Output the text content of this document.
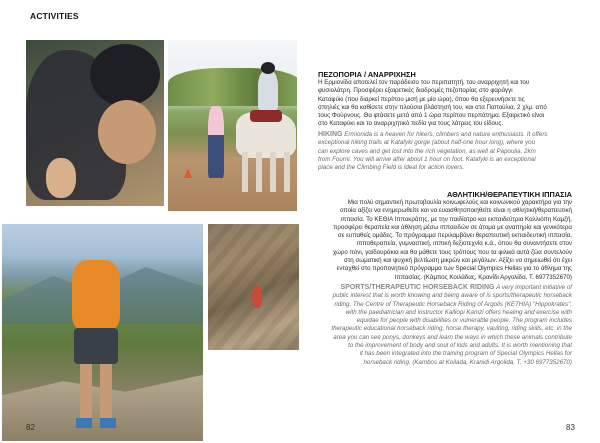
ACTIVITIES
ΠΕΖΟΠΟΡΙΑ / ΑΝΑΡΡΙΧΗΣΗ
Η Ερμιονίδα αποτελεί τον παράδεισο του περιπατητή, του αναρριχητή και του
φυσιολάτρη. Προσφέρει εξαιρετικές διαδρομές πεζοπορίας στο φαράγγι
Καταφύκι (που διαρκεί περίπου μισή με μία ώρα), όπου θα εξερευνήσετε τις
σπηλιές και θα καθίσετε στην πλούσια βλάστησή του, και στα Παπούλια, 2 χλμ. από
τους Φούρνους. Θα φτάσετε μετά από 1 ώρα περίπου περπάτημα. Εξαιρετικό είναι
στο Καταφύκι και το αναρριχητικό πεδίο για τους λάτρεις του είδους.
HIKING Ermionida is a heaven for hikers, climbers and nature enthusiasts. It offers
exceptional hiking trails at Katafyki gorge (about half-one hour long), where you
can explore caves and get lost into the rich vegetation, as well at Papoulia, 2km
from Fourni. You will arrive after about 1 hour on foot. Katafyki is an exceptional
place and the Climbing Field is ideal for action lovers.
ΑΘΛΗΤΙΚΗ/ΘΕΡΑΠΕΥΤΙΚΗ ΙΠΠΑΣΙΑ
Μια πολύ σημαντική πρωτοβουλία κοινωφελούς και κοινωνικού χαρακτήρα για την
οποία αξίζει να ενημερωθείτε και να ευαισθητοποιηθείτε είναι η αθλητική/θεραπευτική
ιππασία. Το ΚΕΘΙΑ Ιπποκράτης, με την παιδίατρο και εκπαιδεύτρια Καλλιόπη Καμζή,
προσφέρει θεραπεία και άθληση μέσω ιπποειδών σε άτομα με αναπηρία και γενικότερα
σε ευπαθείς ομάδες. Το πρόγραμμα περιλαμβάνει θεραπευτική εκπαιδευτική ιππασία,
ιπποθεραπεία, γυμναστική, ιππική δεξιοτεχνία κ.ά., όπου θα συναντήσετε στον
χώρο πόνι, γαϊδουράκια και θα μάθετε τους τρόπους που τα φιλικά αυτά ζώα συντελούν
στη σωματική και ψυχική βελτίωση μικρών και μεγάλων. Αξίζει να σημειωθεί ότι έχει
ενταχθεί στο προπονητικό πρόγραμμα των Special Olympics Hellas για το άθλημα της
Ιππασίας. (Κάμπος Κοιλάδας, Κρανίδι Αργολίδα, Τ. 6977352670)
SPORTS/THERAPEUTIC HORSEBACK RIDING A very important initiative of
public interest that is worth knowing and being aware of is sports/therapeutic horseback
riding. The Centre of Therapeutic Horseback Riding of Argolis (KETHIA) "Hippokrates",
with the paediatrician and instructor Kalliopi Kamzi offers healing and exercise with
equidae for people with disabilities or vulnerable people. The program includes
therapeutic educational horseback riding, horse therapy, vaulting, riding skills, etc. in the
area you can see ponys, donkeys and learn the ways in which these animals contribute
to the improvement of body and soul of kids and adults. It is worth mentioning that
it has been integrated into the training program of Special Olympics Hellas for
horseback riding. (Kambos at Koilada, Kranidi Argolida, T. +30 6977352670)
82	83
